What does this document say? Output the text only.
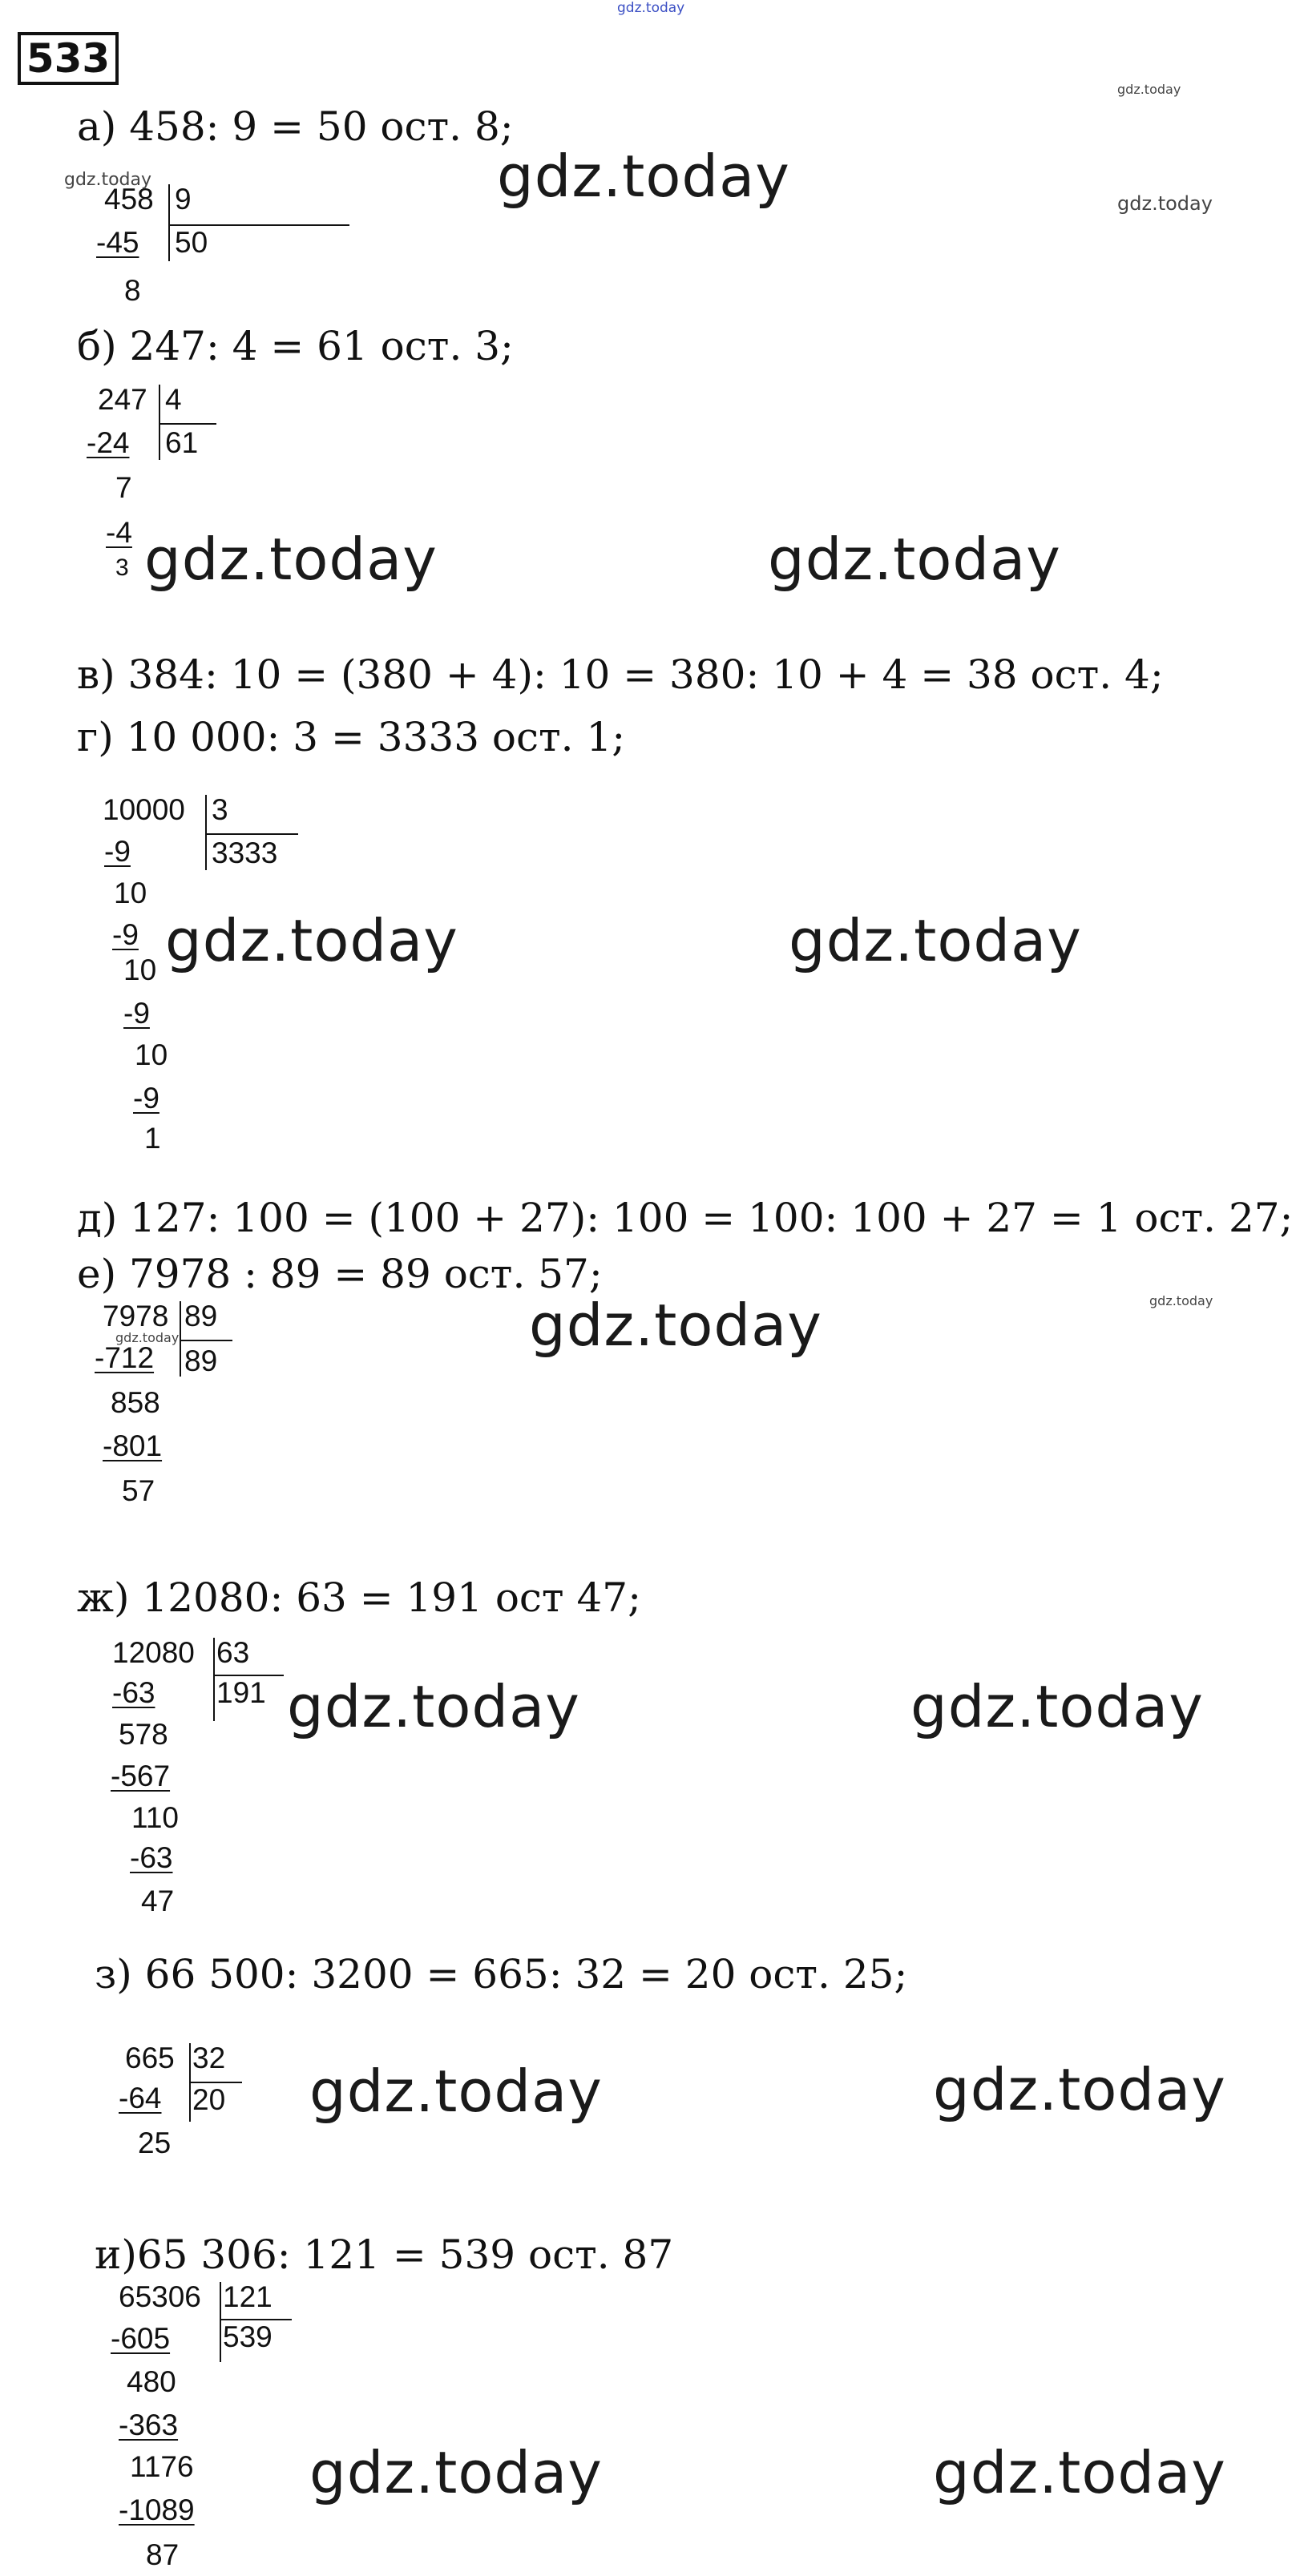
gdz.today
533
а) 458: 9 = 50 ост. 8;
458 9
50
-45
8
б) 247: 4 = 61 ост. 3;
247 4
61
-24
7
-4
3
в) 384: 10 = (380 + 4): 10 = 380: 10 + 4 = 38 ост. 4;
г) 10 000: 3 = 3333 ост. 1;
10000 3
3333
-9
10
-9
10
-9
10
-9
1
д) 127: 100 = (100 + 27): 100 = 100: 100 + 27 = 1 ост. 27;
е) 7978 : 89 = 89 ост. 57;
7978 89
89
-712
858
-801
57
ж) 12080: 63 = 191 ост 47;
12080 63
191
-63
578
-567
110
-63
47
з) 66 500: 3200 = 665: 32 = 20 ост. 25;
665 32
20
-64
25
и)65 306: 121 = 539 ост. 87
65306 121
539
-605
480
-363
1176
-1089
87
gdz.today
gdz.today	gdz.today
gdz.today	gdz.today
gdz.today
gdz.today	gdz.today
gdz.today	gdz.today
gdz.today	gdz.today
gdz.today
gdz.today
gdz.today
gdz.today
gdz.today
